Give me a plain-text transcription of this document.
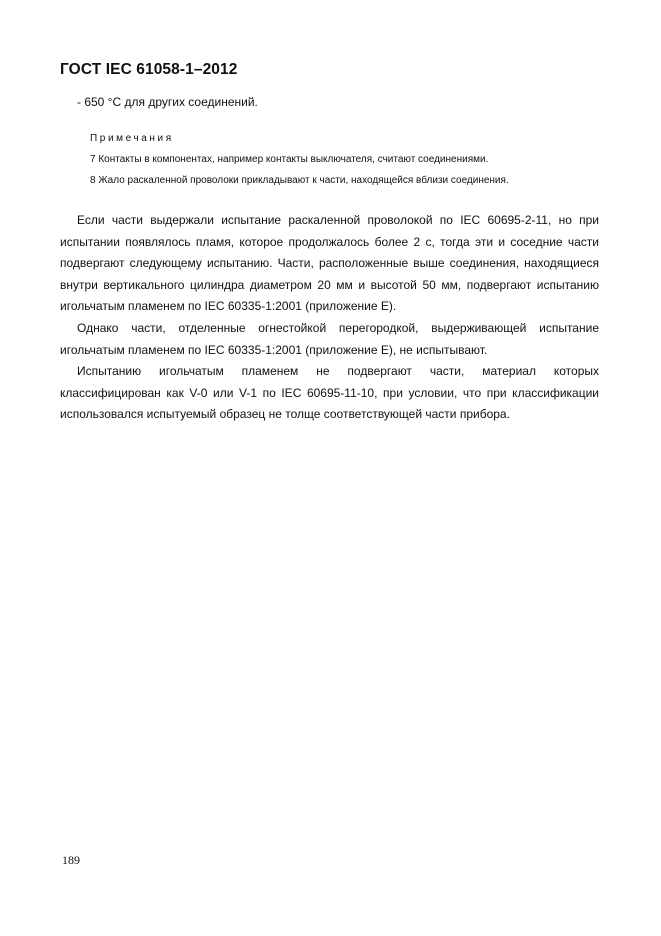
ГОСТ IEC 61058-1–2012
- 650 °С для других соединений.
Примечания
7 Контакты в компонентах, например контакты выключателя, считают соединениями.
8 Жало раскаленной проволоки прикладывают к части, находящейся вблизи соединения.

Если части выдержали испытание раскаленной проволокой по IEC 60695-2-11, но при испытании появлялось пламя, которое продолжалось более 2 с, тогда эти и соседние части подвергают следующему испытанию. Части, расположенные выше соединения, находящиеся внутри вертикального цилиндра диаметром 20 мм и высотой 50 мм, подвергают испытанию игольчатым пламенем по IEC 60335-1:2001 (приложение Е).

Однако части, отделенные огнестойкой перегородкой, выдерживающей испытание игольчатым пламенем по IEC 60335-1:2001 (приложение Е), не испытывают.

Испытанию игольчатым пламенем не подвергают части, материал которых классифицирован как V-0 или V-1 по IEC 60695-11-10, при условии, что при классификации использовался испытуемый образец не толще соответствующей части прибора.

189
